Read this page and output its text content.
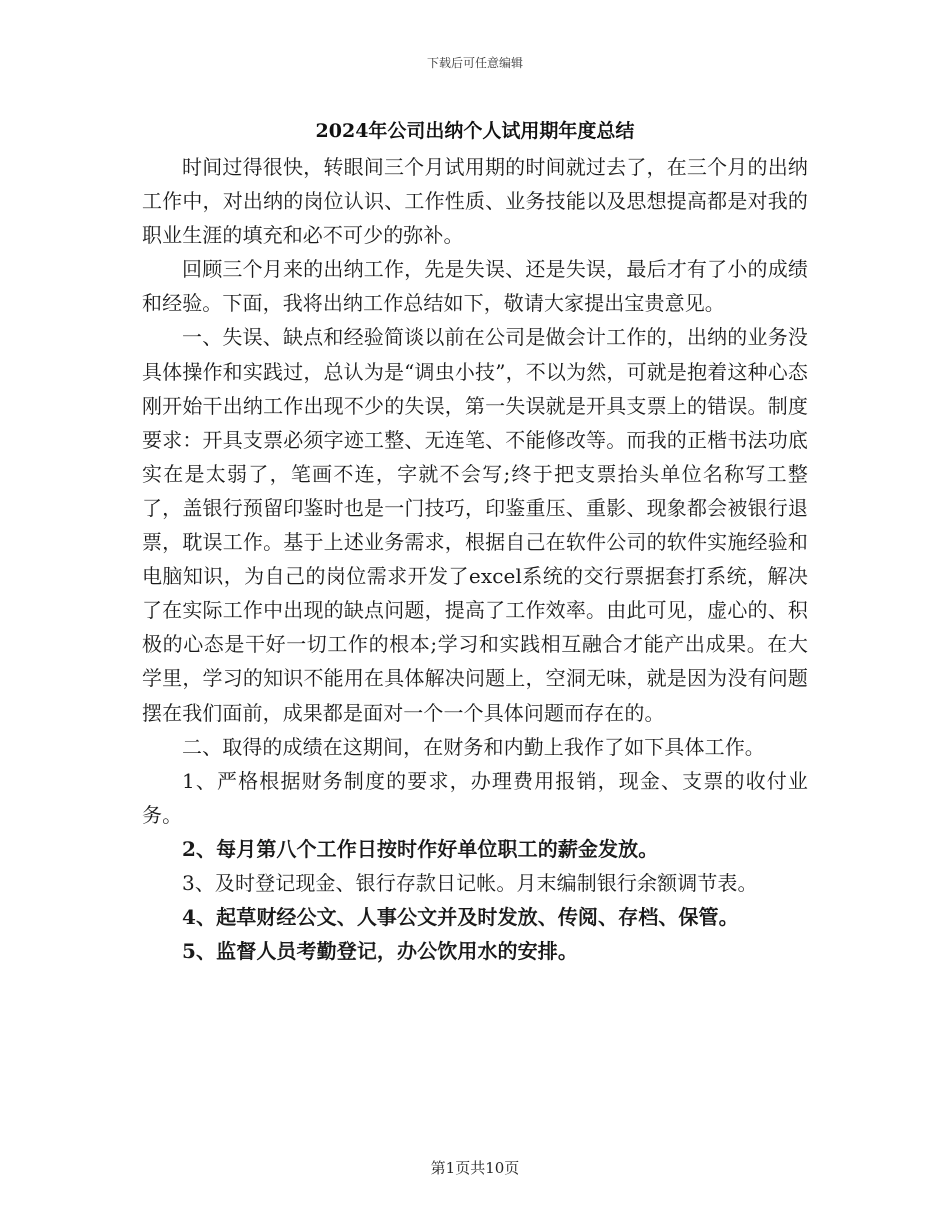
下载后可任意编辑
2024年公司出纳个人试用期年度总结

时间过得很快，转眼间三个月试用期的时间就过去了，在三个月的出纳工作中，对出纳的岗位认识、工作性质、业务技能以及思想提高都是对我的职业生涯的填充和必不可少的弥补。

回顾三个月来的出纳工作，先是失误、还是失误，最后才有了小的成绩和经验。下面，我将出纳工作总结如下，敬请大家提出宝贵意见。

一、失误、缺点和经验简谈以前在公司是做会计工作的，出纳的业务没具体操作和实践过，总认为是“调虫小技”，不以为然，可就是抱着这种心态刚开始干出纳工作出现不少的失误，第一失误就是开具支票上的错误。制度要求：开具支票必须字迹工整、无连笔、不能修改等。而我的正楷书法功底实在是太弱了，笔画不连，字就不会写;终于把支票抬头单位名称写工整了，盖银行预留印鉴时也是一门技巧，印鉴重压、重影、现象都会被银行退票，耽误工作。基于上述业务需求，根据自己在软件公司的软件实施经验和电脑知识，为自己的岗位需求开发了excel系统的交行票据套打系统，解决了在实际工作中出现的缺点问题，提高了工作效率。由此可见，虚心的、积极的心态是干好一切工作的根本;学习和实践相互融合才能产出成果。在大学里，学习的知识不能用在具体解决问题上，空洞无味，就是因为没有问题摆在我们面前，成果都是面对一个一个具体问题而存在的。

二、取得的成绩在这期间，在财务和内勤上我作了如下具体工作。

1、严格根据财务制度的要求，办理费用报销，现金、支票的收付业务。

2、每月第八个工作日按时作好单位职工的薪金发放。

3、及时登记现金、银行存款日记帐。月末编制银行余额调节表。

4、起草财经公文、人事公文并及时发放、传阅、存档、保管。

5、监督人员考勤登记，办公饮用水的安排。

第1页共10页
